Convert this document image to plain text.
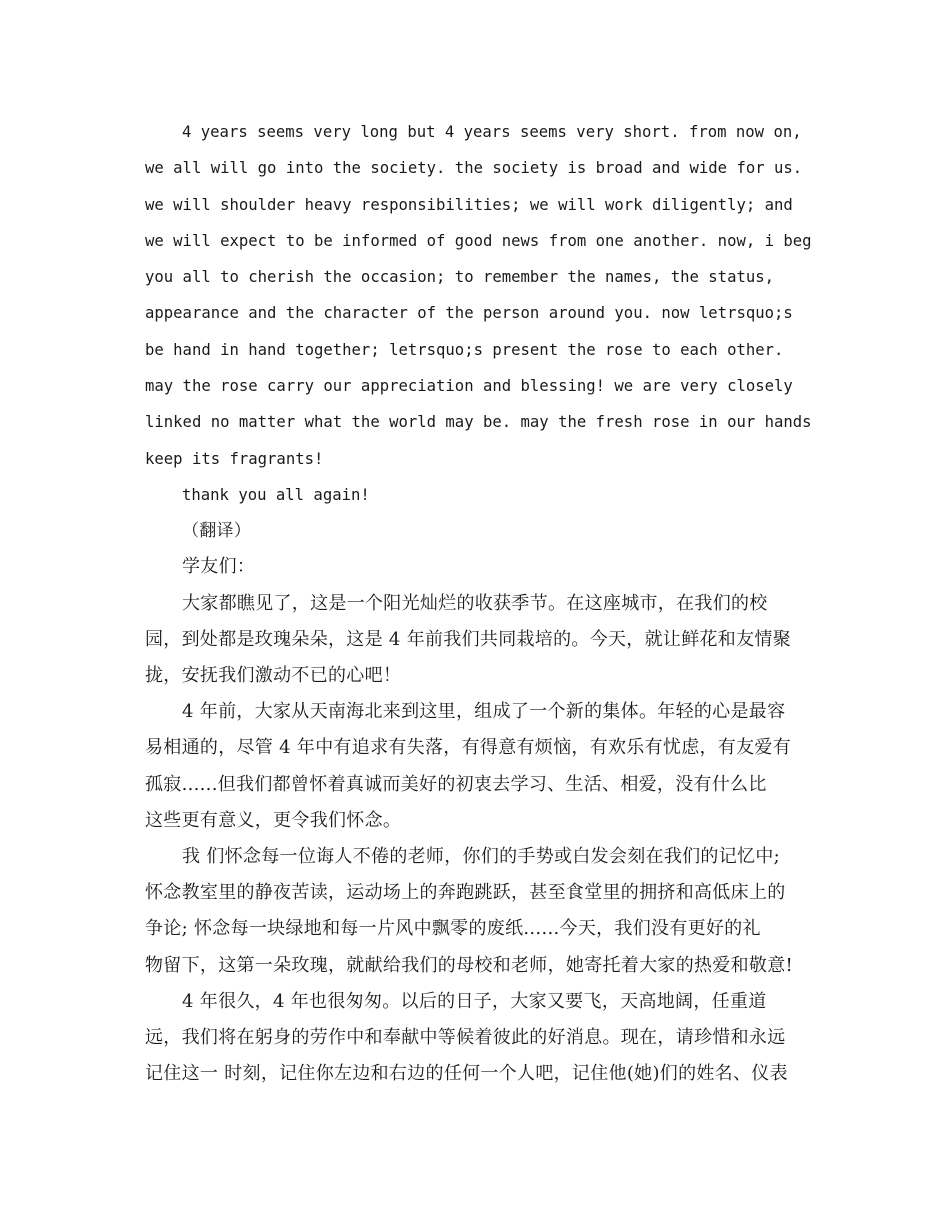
4 years seems very long but 4 years seems very short. from now on,
we all will go into the society. the society is broad and wide for us.
we will shoulder heavy responsibilities; we will work diligently; and
we will expect to be informed of good news from one another. now, i beg
you all to cherish the occasion; to remember the names, the status,
appearance and the character of the person around you. now letrsquo;s
be hand in hand together; letrsquo;s present the rose to each other.
may the rose carry our appreciation and blessing! we are very closely
linked no matter what the world may be. may the fresh rose in our hands
keep its fragrants!
thank you all again!
（翻译）
学友们：
大家都瞧见了，这是一个阳光灿烂的收获季节。在这座城市，在我们的校
园，到处都是玫瑰朵朵，这是 4 年前我们共同栽培的。今天，就让鲜花和友情聚
拢，安抚我们激动不已的心吧！
4 年前，大家从天南海北来到这里，组成了一个新的集体。年轻的心是最容
易相通的，尽管 4 年中有追求有失落，有得意有烦恼，有欢乐有忧虑，有友爱有
孤寂......但我们都曾怀着真诚而美好的初衷去学习、生活、相爱，没有什么比
这些更有意义，更令我们怀念。
我 们怀念每一位诲人不倦的老师，你们的手势或白发会刻在我们的记忆中;
怀念教室里的静夜苦读，运动场上的奔跑跳跃，甚至食堂里的拥挤和高低床上的
争论; 怀念每一块绿地和每一片风中飘零的废纸......今天，我们没有更好的礼
物留下，这第一朵玫瑰，就献给我们的母校和老师，她寄托着大家的热爱和敬意!
4 年很久，4 年也很匆匆。以后的日子，大家又要飞，天高地阔，任重道
远，我们将在躬身的劳作中和奉献中等候着彼此的好消息。现在，请珍惜和永远
记住这一 时刻，记住你左边和右边的任何一个人吧，记住他(她)们的姓名、仪表
